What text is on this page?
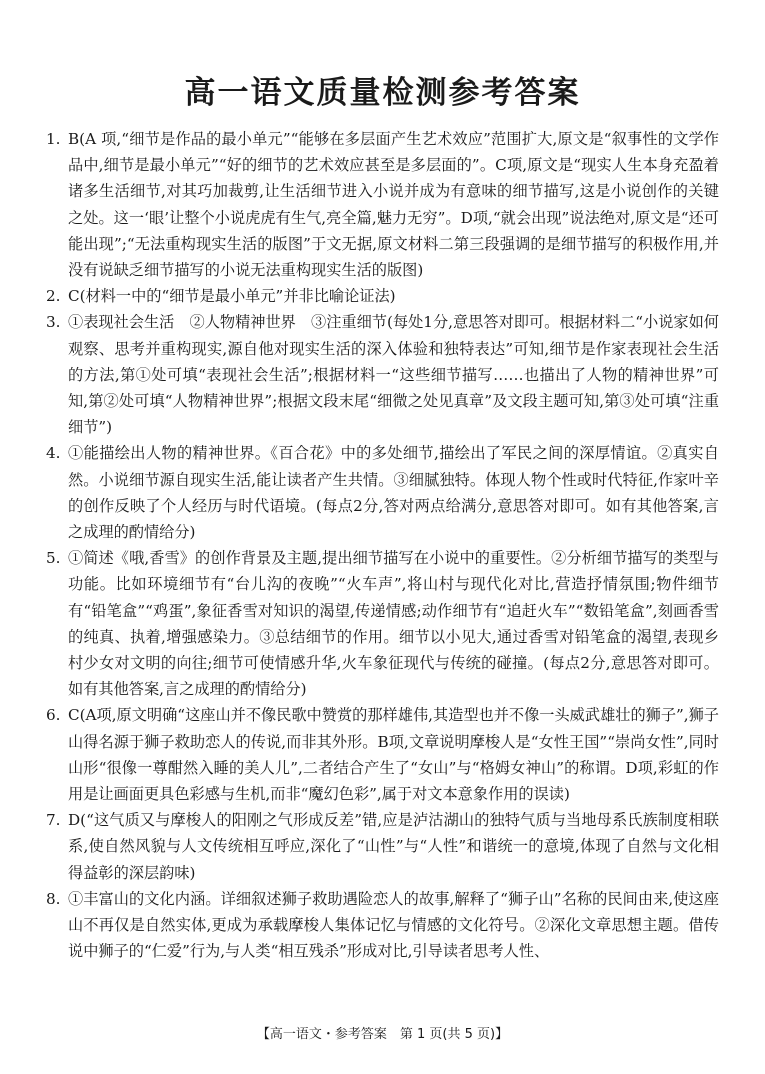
高一语文质量检测参考答案
1. B(A 项,“细节是作品的最小单元”“能够在多层面产生艺术效应”范围扩大,原文是“叙事性的文学作品中,细节是最小单元”“好的细节的艺术效应甚至是多层面的”。C项,原文是“现实人生本身充盈着诸多生活细节,对其巧加裁剪,让生活细节进入小说并成为有意味的细节描写,这是小说创作的关键之处。这一‘眼’让整个小说虎虎有生气,亮全篇,魅力无穷”。D项,“就会出现”说法绝对,原文是“还可能出现”;“无法重构现实生活的版图”于文无据,原文材料二第三段强调的是细节描写的积极作用,并没有说缺乏细节描写的小说无法重构现实生活的版图)
2. C(材料一中的“细节是最小单元”并非比喻论证法)
3. ①表现社会生活　②人物精神世界　③注重细节(每处1分,意思答对即可。根据材料二“小说家如何观察、思考并重构现实,源自他对现实生活的深入体验和独特表达”可知,细节是作家表现社会生活的方法,第①处可填“表现社会生活”;根据材料一“这些细节描写……也描出了人物的精神世界”可知,第②处可填“人物精神世界”;根据文段末尾“细微之处见真章”及文段主题可知,第③处可填“注重细节”)
4. ①能描绘出人物的精神世界。《百合花》中的多处细节,描绘出了军民之间的深厚情谊。②真实自然。小说细节源自现实生活,能让读者产生共情。③细腻独特。体现人物个性或时代特征,作家叶辛的创作反映了个人经历与时代语境。(每点2分,答对两点给满分,意思答对即可。如有其他答案,言之成理的酌情给分)
5. ①简述《哦,香雪》的创作背景及主题,提出细节描写在小说中的重要性。②分析细节描写的类型与功能。比如环境细节有“台儿沟的夜晚”“火车声”,将山村与现代化对比,营造抒情氛围;物件细节有“铅笔盒”“鸡蛋”,象征香雪对知识的渴望,传递情感;动作细节有“追赶火车”“数铅笔盒”,刻画香雪的纯真、执着,增强感染力。③总结细节的作用。细节以小见大,通过香雪对铅笔盒的渴望,表现乡村少女对文明的向往;细节可使情感升华,火车象征现代与传统的碰撞。(每点2分,意思答对即可。如有其他答案,言之成理的酌情给分)
6. C(A项,原文明确“这座山并不像民歌中赞赏的那样雄伟,其造型也并不像一头威武雄壮的狮子”,狮子山得名源于狮子救助恋人的传说,而非其外形。B项,文章说明摩梭人是“女性王国”“崇尚女性”,同时山形“很像一尊酣然入睡的美人儿”,二者结合产生了“女山”与“格姆女神山”的称谓。D项,彩虹的作用是让画面更具色彩感与生机,而非“魔幻色彩”,属于对文本意象作用的误读)
7. D(“这气质又与摩梭人的阳刚之气形成反差”错,应是泸沽湖山的独特气质与当地母系氏族制度相联系,使自然风貌与人文传统相互呼应,深化了“山性”与“人性”和谐统一的意境,体现了自然与文化相得益彰的深层韵味)
8. ①丰富山的文化内涵。详细叙述狮子救助遇险恋人的故事,解释了“狮子山”名称的民间由来,使这座山不再仅是自然实体,更成为承载摩梭人集体记忆与情感的文化符号。②深化文章思想主题。借传说中狮子的“仁爱”行为,与人类“相互残杀”形成对比,引导读者思考人性、
【高一语文・参考答案　第 1 页(共 5 页)】
